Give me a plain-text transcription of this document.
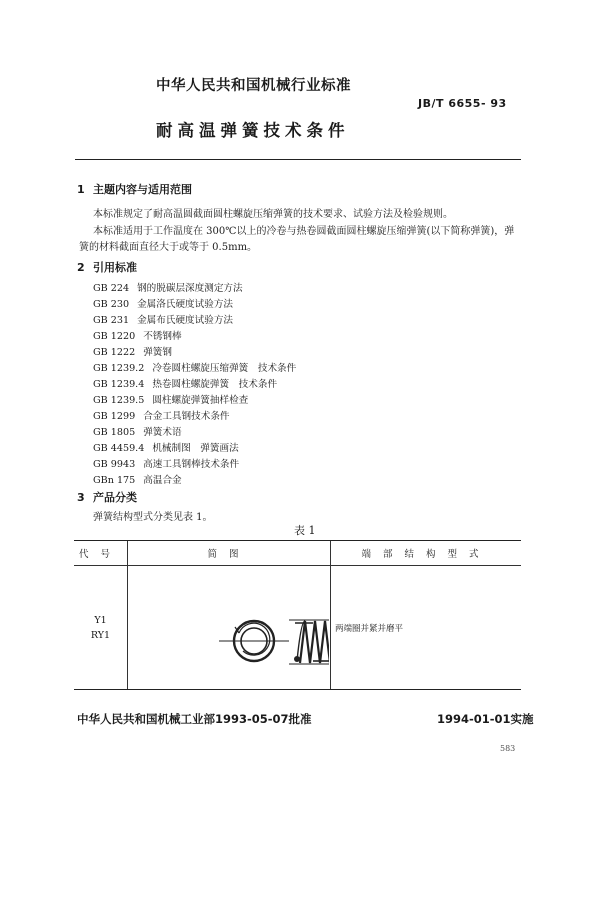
中华人民共和国机械行业标准
JB/T 6655- 93
耐高温弹簧技术条件
1 主题内容与适用范围
本标准规定了耐高温圆截面圆柱螺旋压缩弹簧的技术要求、试验方法及检验规则。
本标准适用于工作温度在 300℃以上的冷卷与热卷圆截面圆柱螺旋压缩弹簧(以下简称弹簧)，弹
簧的材料截面直径大于或等于 0.5mm。
2 引用标准
GB 224 钢的脱碳层深度测定方法
GB 230 金属洛氏硬度试验方法
GB 231 金属布氏硬度试验方法
GB 1220 不锈钢棒
GB 1222 弹簧钢
GB 1239.2 冷卷圆柱螺旋压缩弹簧　技术条件
GB 1239.4 热卷圆柱螺旋弹簧　技术条件
GB 1239.5 圆柱螺旋弹簧抽样检查
GB 1299 合金工具钢技术条件
GB 1805 弹簧术语
GB 4459.4 机械制图　弹簧画法
GB 9943 高速工具钢棒技术条件
GBn 175 高温合金
3 产品分类
弹簧结构型式分类见表 1。
表 1
代号	简图	端部结构型式

Y1
RY1		两端圈并紧并磨平
中华人民共和国机械工业部1993-05-07批准	1994-01-01实施
583
